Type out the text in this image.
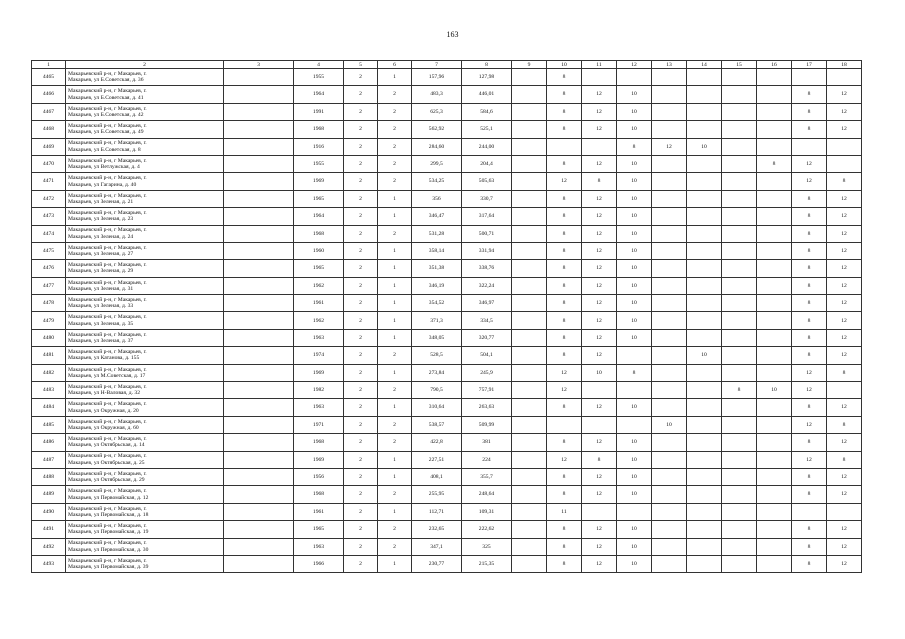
163
1	2	3	4	5	6	7	8	9	10	11	12	13	14	15	16	17	18
4465	Макарьевский р-н, г Макарьев, г.
Макарьев, ул Б.Советская, д. 36		1955	2	1	157,96	127,98		8								
4466	Макарьевский р-н, г Макарьев, г.
Макарьев, ул Б.Советская, д. 41		1964	2	2	483,3	446,01		8	12	10					8	12
4467	Макарьевский р-н, г Макарьев, г.
Макарьев, ул Б.Советская, д. 42		1991	2	2	625,3	584,6		8	12	10					8	12
4468	Макарьевский р-н, г Макарьев, г.
Макарьев, ул Б.Советская, д. 49		1968	2	2	562,92	525,1		8	12	10					8	12
4469	Макарьевский р-н, г Макарьев, г.
Макарьев, ул Б.Советская, д. 8		1916	2	2	284,60	244,00				8	12	10				
4470	Макарьевский р-н, г Макарьев, г.
Макарьев, ул Ветлужская, д. 4		1955	2	2	299,5	204,4		8	12	10				8	12	
4471	Макарьевский р-н, г Макарьев, г.
Макарьев, ул Гагарина, д. 40		1969	2	2	534,25	505,63		12	8	10					12	8
4472	Макарьевский р-н, г Макарьев, г.
Макарьев, ул Зеленая, д. 21		1965	2	1	356	330,7		8	12	10					8	12
4473	Макарьевский р-н, г Макарьев, г.
Макарьев, ул Зеленая, д. 23		1964	2	1	346,47	317,64		8	12	10					8	12
4474	Макарьевский р-н, г Макарьев, г.
Макарьев, ул Зеленая, д. 24		1968	2	2	531,28	500,71		8	12	10					8	12
4475	Макарьевский р-н, г Макарьев, г.
Макарьев, ул Зеленая, д. 27		1960	2	1	358,14	331,94		8	12	10					8	12
4476	Макарьевский р-н, г Макарьев, г.
Макарьев, ул Зеленая, д. 29		1965	2	1	351,38	338,76		8	12	10					8	12
4477	Макарьевский р-н, г Макарьев, г.
Макарьев, ул Зеленая, д. 31		1962	2	1	346,19	322,24		8	12	10					8	12
4478	Макарьевский р-н, г Макарьев, г.
Макарьев, ул Зеленая, д. 33		1961	2	1	354,52	346,97		8	12	10					8	12
4479	Макарьевский р-н, г Макарьев, г.
Макарьев, ул Зеленая, д. 35		1962	2	1	371,3	334,5		8	12	10					8	12
4480	Макарьевский р-н, г Макарьев, г.
Макарьев, ул Зеленая, д. 37		1963	2	1	348,05	320,77		8	12	10					8	12
4481	Макарьевский р-н, г Макарьев, г.
Макарьев, ул Катанова, д. 155		1974	2	2	528,5	504,1		8	12			10			8	12
4482	Макарьевский р-н, г Макарьев, г.
Макарьев, ул М.Советская, д. 17		1969	2	1	273,84	245,9		12	10	8					12	8
4483	Макарьевский р-н, г Макарьев, г.
Макарьев, ул Н-Валовая, д. 32		1982	2	2	790,5	757,91		12					8	10	12	
4484	Макарьевский р-н, г Макарьев, г.
Макарьев, ул Окружная, д. 20		1963	2	1	310,64	263,63		8	12	10					8	12
4485	Макарьевский р-н, г Макарьев, г.
Макарьев, ул Окружная, д. 60		1971	2	2	538,57	509,99					10				12	8
4486	Макарьевский р-н, г Макарьев, г.
Макарьев, ул Октябрьская, д. 14		1968	2	2	422,8	381		8	12	10					8	12
4487	Макарьевский р-н, г Макарьев, г.
Макарьев, ул Октябрьская, д. 25		1969	2	1	227,51	224		12	8	10					12	8
4488	Макарьевский р-н, г Макарьев, г.
Макарьев, ул Октябрьская, д. 29		1956	2	1	408,1	355,7		8	12	10					8	12
4489	Макарьевский р-н, г Макарьев, г.
Макарьев, ул Первомайская, д. 12		1968	2	2	255,95	248,64		8	12	10					8	12
4490	Макарьевский р-н, г Макарьев, г.
Макарьев, ул Первомайская, д. 18		1961	2	1	112,71	109,31		11								
4491	Макарьевский р-н, г Макарьев, г.
Макарьев, ул Первомайская, д. 19		1965	2	2	232,65	222,62		8	12	10					8	12
4492	Макарьевский р-н, г Макарьев, г.
Макарьев, ул Первомайская, д. 30		1963	2	2	347,1	325		8	12	10					8	12
4493	Макарьевский р-н, г Макарьев, г.
Макарьев, ул Первомайская, д. 39		1966	2	1	230,77	215,35		8	12	10					8	12
